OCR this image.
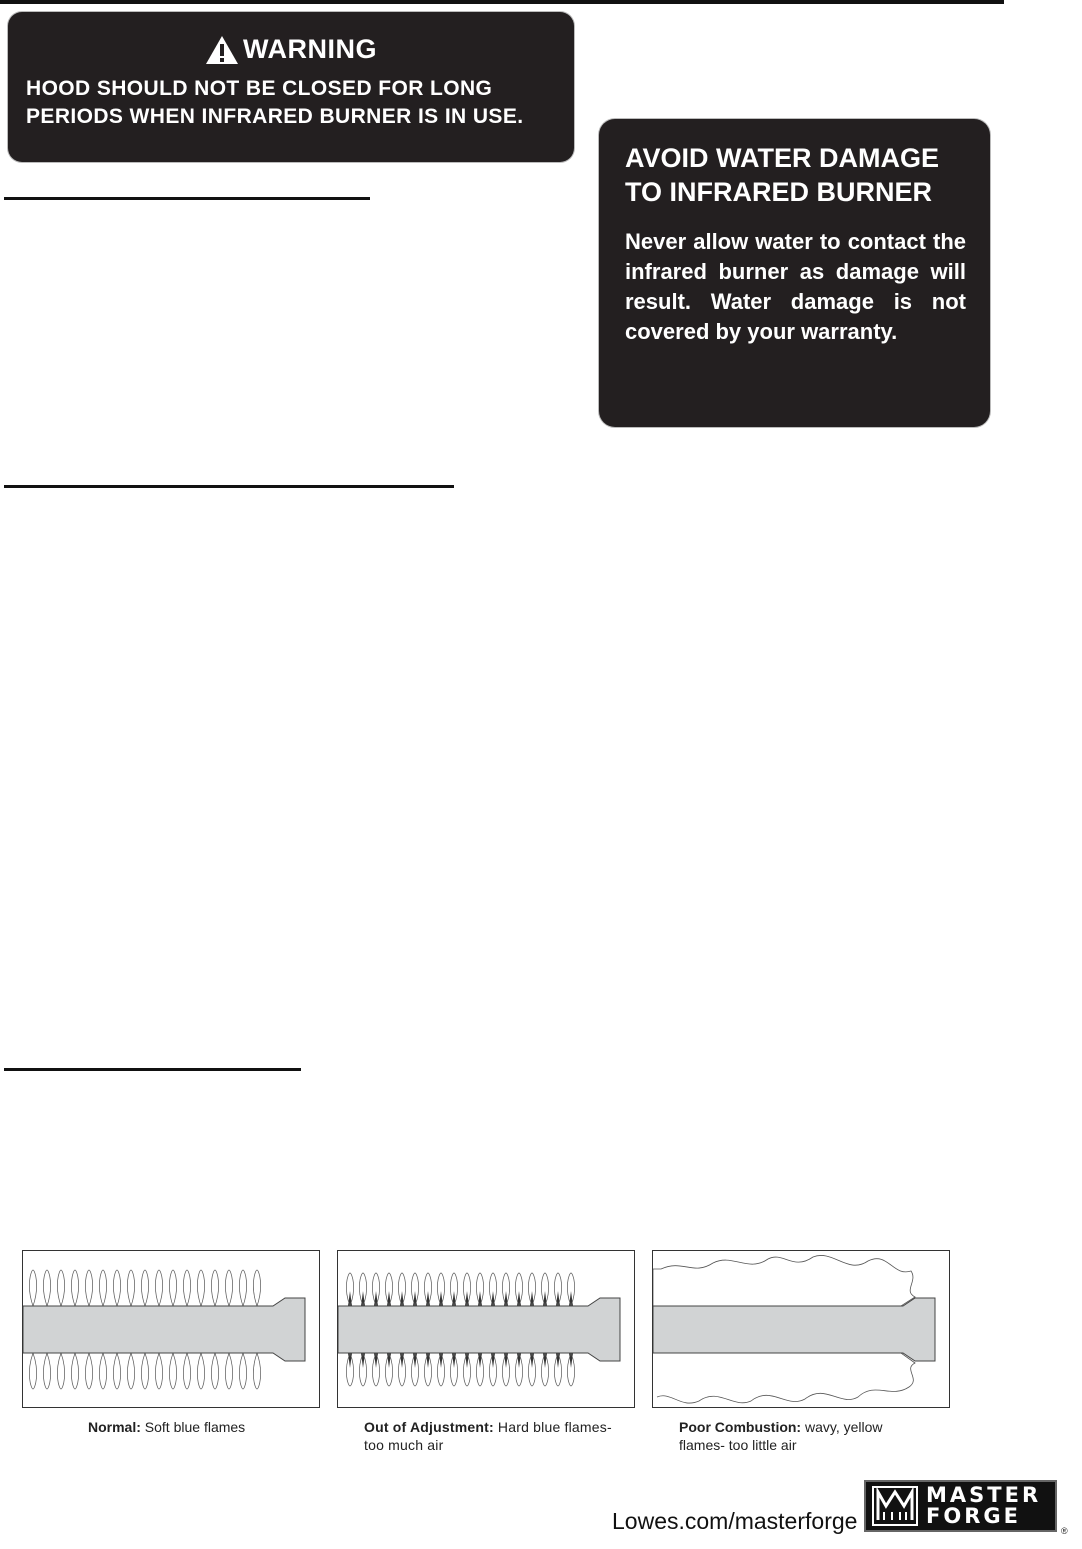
WARNING
HOOD SHOULD NOT BE CLOSED FOR LONG
PERIODS WHEN INFRARED BURNER IS IN USE.
AVOID WATER DAMAGE
TO INFRARED BURNER
Never allow water to contact the infrared burner as damage will result. Water damage is not covered by your warranty.
Normal: Soft blue flames	Out of Adjustment: Hard blue flames- too much air
Poor Combustion: wavy, yellow flames- too little air
Lowes.com/masterforge
MASTER
FORGE
®
